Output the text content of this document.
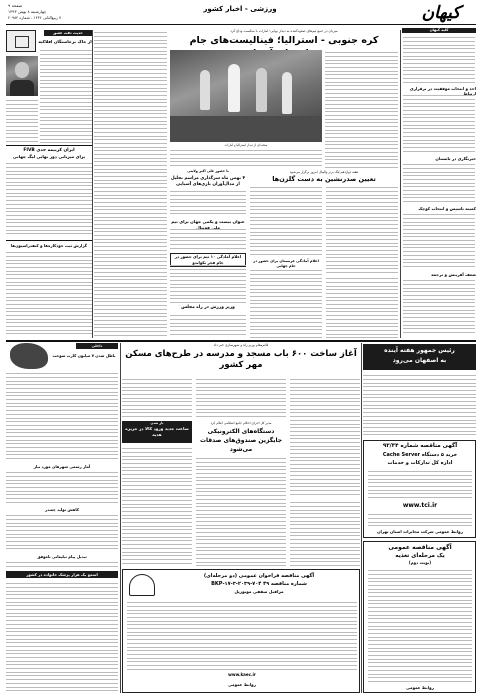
کیهان
ورزشی - اخبار کشور
صفحه ۹
چهارشنبه ۸ بهمن ۱۳۹۳
۷ ربیع‌الثانی ۱۴۳۶ - شماره ۲۰۹۸۴
کلیه کیهان
اخذ و انتخاب موفقیت در برقراری ارتباط
خبرنگاری در تابستان
کمیته تاسیس و انتخاب کوچک
ضعف آفرینش و ترجمه
میزبان در جمع تیم‌های صعودکننده به دیدار نهایی؛ امارات با شکست وداع کرد
کره جنوبی - استرالیا؛ فینالیست‌های جام
صحنه‌ای از دیدار استرالیا و امارات
هفته دوازدهم لیگ برتر والیبال امروز برگزار می‌شود
تعیین صدرنشین به دست گلزن‌ها
اعلام آمادگی عربستان برای حضور در جام جهانی
با حضور علی اکبر ولایتی
۴ بهمن ماه سرگذاری مراسم تجلیل از مدال‌آوران بازی‌های آسیایی
عنوان بیست و یکمی جهان برای تیم ملی فوتبال
اعلام آمادگی ۱۰ تیم برای حضور در جام فجر تکواندو
وزیر ورزش در راه مجلس
حدیث دفت عشق
از خاک برخاستگان افلاکیه
ایران کرنیمه جدی FIVB
برای میزبانی دور نهایی لیگ جهانی
گزارش ثبت خودکاره‌ها و کنفدراسیون‌ها
رئیس جمهور هفته آینده
به اصفهان می‌رود
آگهی مناقصه شماره ۹۳/۳۴
خرید ۵ دستگاه Cache Server
اداره کل تدارکات و خدمات
www.tci.ir
روابط عمومی شرکت مخابرات استان تهران
آگهی مناقصه عمومی
یک مرحله‌ای تغذیه
(نوبت دوم)
روابط عمومی
قائم‌مقام وزیر راه و شهرسازی خبر داد
آغاز ساخت ۶۰۰ باب مسجد و مدرسه در طرح‌های مسکن مهر کشور
مدیر کل اجرای احکام جامع انتظامی اعلام کرد
دستگاه‌های الکترونیکی جایگزین صندوق‌های صدقات می‌شود
باز شدن
ساعت جدید ورود کالا در جزیره هدیه
آگهی مناقصه فراخوان عمومی (دو مرحله‌ای)
شماره مناقصه ۴۹ ۷۰۴-۲۰۳۹-۳-۱۷-BKP
مراقبل سقفی مونوریل
www.kaec.ir
روابط عمومی
داخلی
باطل شدن ۷ میلیون کارت سوخت
آمار رسمی شهرهای مورد نیاز
کاهش تولید چغندر
تبدیل پیام تبلیغاتی ناموفق
اسمع یک هزار پزشک خانواده در کشور
